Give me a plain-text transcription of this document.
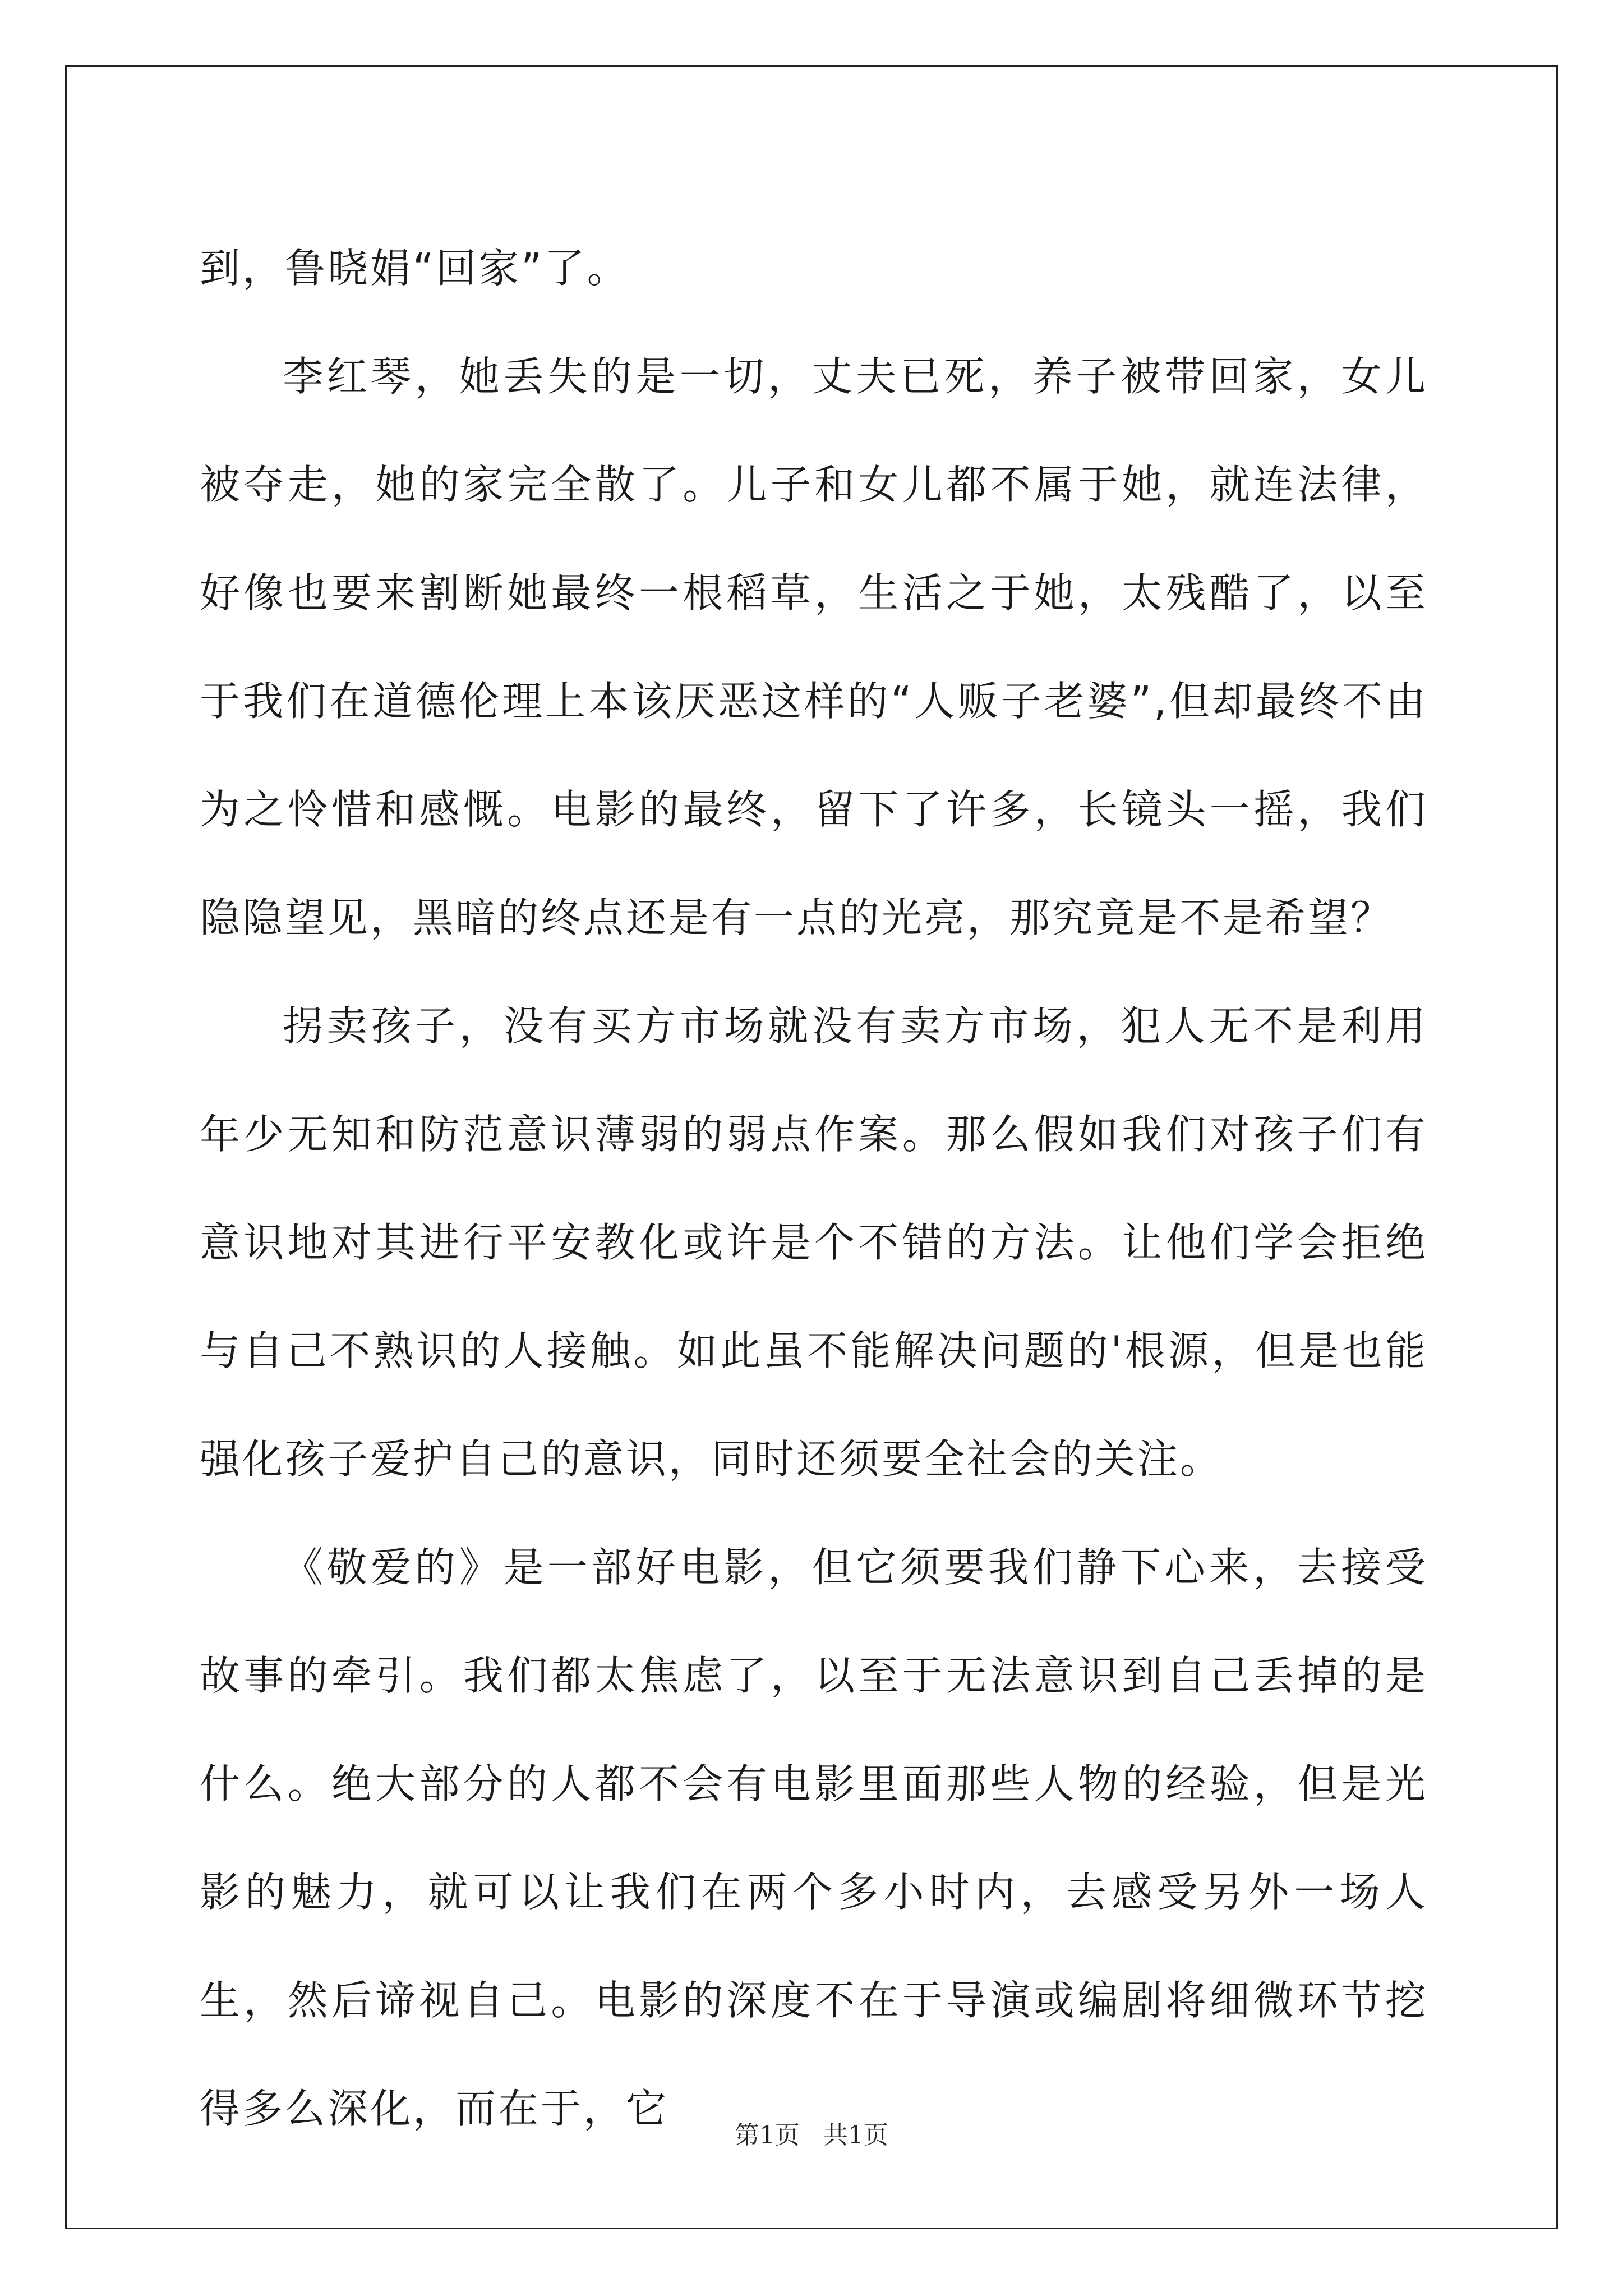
到，鲁晓娟“回家”了。

李红琴，她丢失的是一切，丈夫已死，养子被带回家，女儿被夺走，她的家完全散了。儿子和女儿都不属于她，就连法律，好像也要来割断她最终一根稻草，生活之于她，太残酷了，以至于我们在道德伦理上本该厌恶这样的“人贩子老婆”,但却最终不由为之怜惜和感慨。电影的最终，留下了许多，长镜头一摇，我们隐隐望见，黑暗的终点还是有一点的光亮，那究竟是不是希望？

拐卖孩子，没有买方市场就没有卖方市场，犯人无不是利用年少无知和防范意识薄弱的弱点作案。那么假如我们对孩子们有意识地对其进行平安教化或许是个不错的方法。让他们学会拒绝与自己不熟识的人接触。如此虽不能解决问题的'根源，但是也能强化孩子爱护自己的意识，同时还须要全社会的关注。

《敬爱的》是一部好电影，但它须要我们静下心来，去接受故事的牵引。我们都太焦虑了，以至于无法意识到自己丢掉的是什么。绝大部分的人都不会有电影里面那些人物的经验，但是光影的魅力，就可以让我们在两个多小时内，去感受另外一场人生，然后谛视自己。电影的深度不在于导演或编剧将细微环节挖得多么深化，而在于，它

第1页 共1页
